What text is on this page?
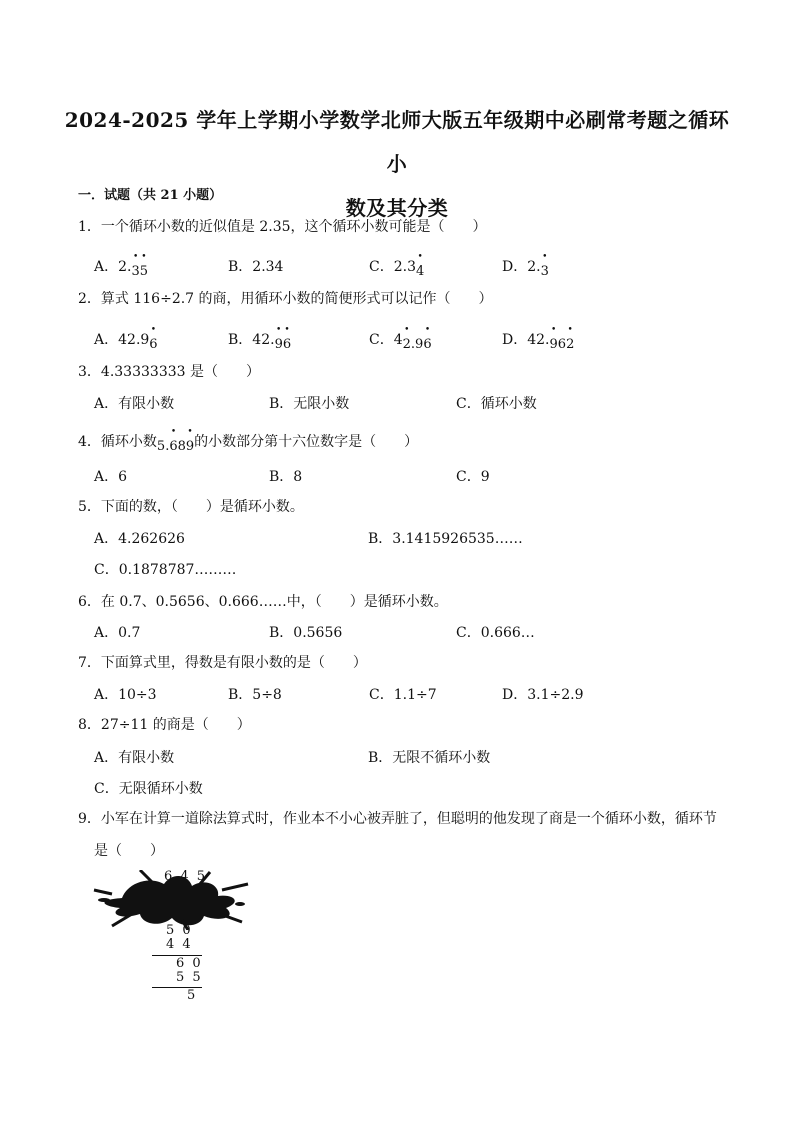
2024-2025 学年上学期小学数学北师大版五年级期中必刷常考题之循环小
数及其分类
一．试题（共 21 小题）
1．一个循环小数的近似值是 2.35，这个循环小数可能是（　　）
A．2.• 3• 5	B．2.34	C．2.3• 4	D．2.• 3
2．算式 116÷2.7 的商，用循环小数的简便形式可以记作（　　）
A．42.9• 6	B．42.• 9• 6	C．4• 2.9• 6	D．42.• 96• 2
3．4.33333333 是（　　）
A．有限小数	B．无限小数	C．循环小数
4．循环小数5.• 68• 9的小数部分第十六位数字是（　　）
A．6	B．8	C．9
5．下面的数，（　　）是循环小数。
A．4.262626	B．3.1415926535……
C．0.1878787………
6．在 0.7、0.5656、0.666……中，（　　）是循环小数。
A．0.7	B．0.5656	C．0.666…
7．下面算式里，得数是有限小数的是（　　）
A．10÷3	B．5÷8	C．1.1÷7	D．3.1÷2.9
8．27÷11 的商是（　　）
A．有限小数	B．无限不循环小数
C．无限循环小数
9．小军在计算一道除法算式时，作业本不小心被弄脏了，但聪明的他发现了商是一个循环小数，循环节
是（　　）
6.4 5
5 0
4 4
6 0
5 5
5
